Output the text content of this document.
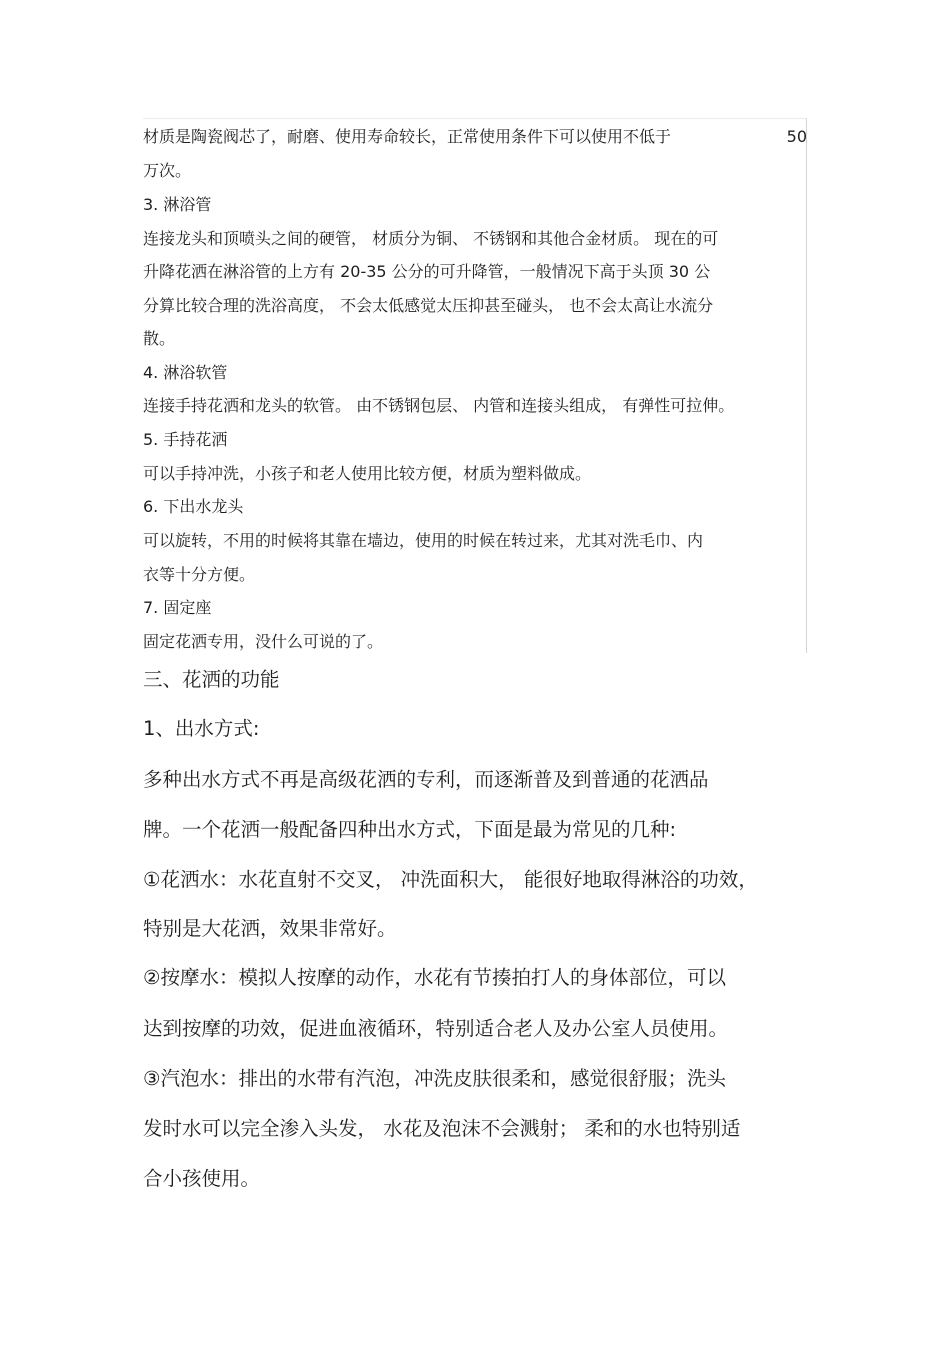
材质是陶瓷阀芯了，耐磨、使用寿命较长，正常使用条件下可以使用不低于	50
万次。
3. 淋浴管
连接龙头和顶喷头之间的硬管， 材质分为铜、 不锈钢和其他合金材质。 现在的可
升降花洒在淋浴管的上方有 20-35 公分的可升降管，一般情况下高于头顶 30 公
分算比较合理的洗浴高度， 不会太低感觉太压抑甚至碰头， 也不会太高让水流分
散。
4. 淋浴软管
连接手持花洒和龙头的软管。 由不锈钢包层、 内管和连接头组成， 有弹性可拉伸。
5. 手持花洒
可以手持冲洗，小孩子和老人使用比较方便，材质为塑料做成。
6. 下出水龙头
可以旋转，不用的时候将其靠在墙边，使用的时候在转过来，尤其对洗毛巾、内
衣等十分方便。
7. 固定座
固定花洒专用，没什么可说的了。
三、花洒的功能
1、出水方式:
多种出水方式不再是高级花洒的专利，而逐渐普及到普通的花洒品
牌。一个花洒一般配备四种出水方式，下面是最为常见的几种:
①花洒水：水花直射不交叉， 冲洗面积大， 能很好地取得淋浴的功效，
特别是大花洒，效果非常好。
②按摩水：模拟人按摩的动作，水花有节揍拍打人的身体部位，可以
达到按摩的功效，促进血液循环，特别适合老人及办公室人员使用。
③汽泡水：排出的水带有汽泡，冲洗皮肤很柔和，感觉很舒服；洗头
发时水可以完全渗入头发， 水花及泡沫不会溅射； 柔和的水也特别适
合小孩使用。
